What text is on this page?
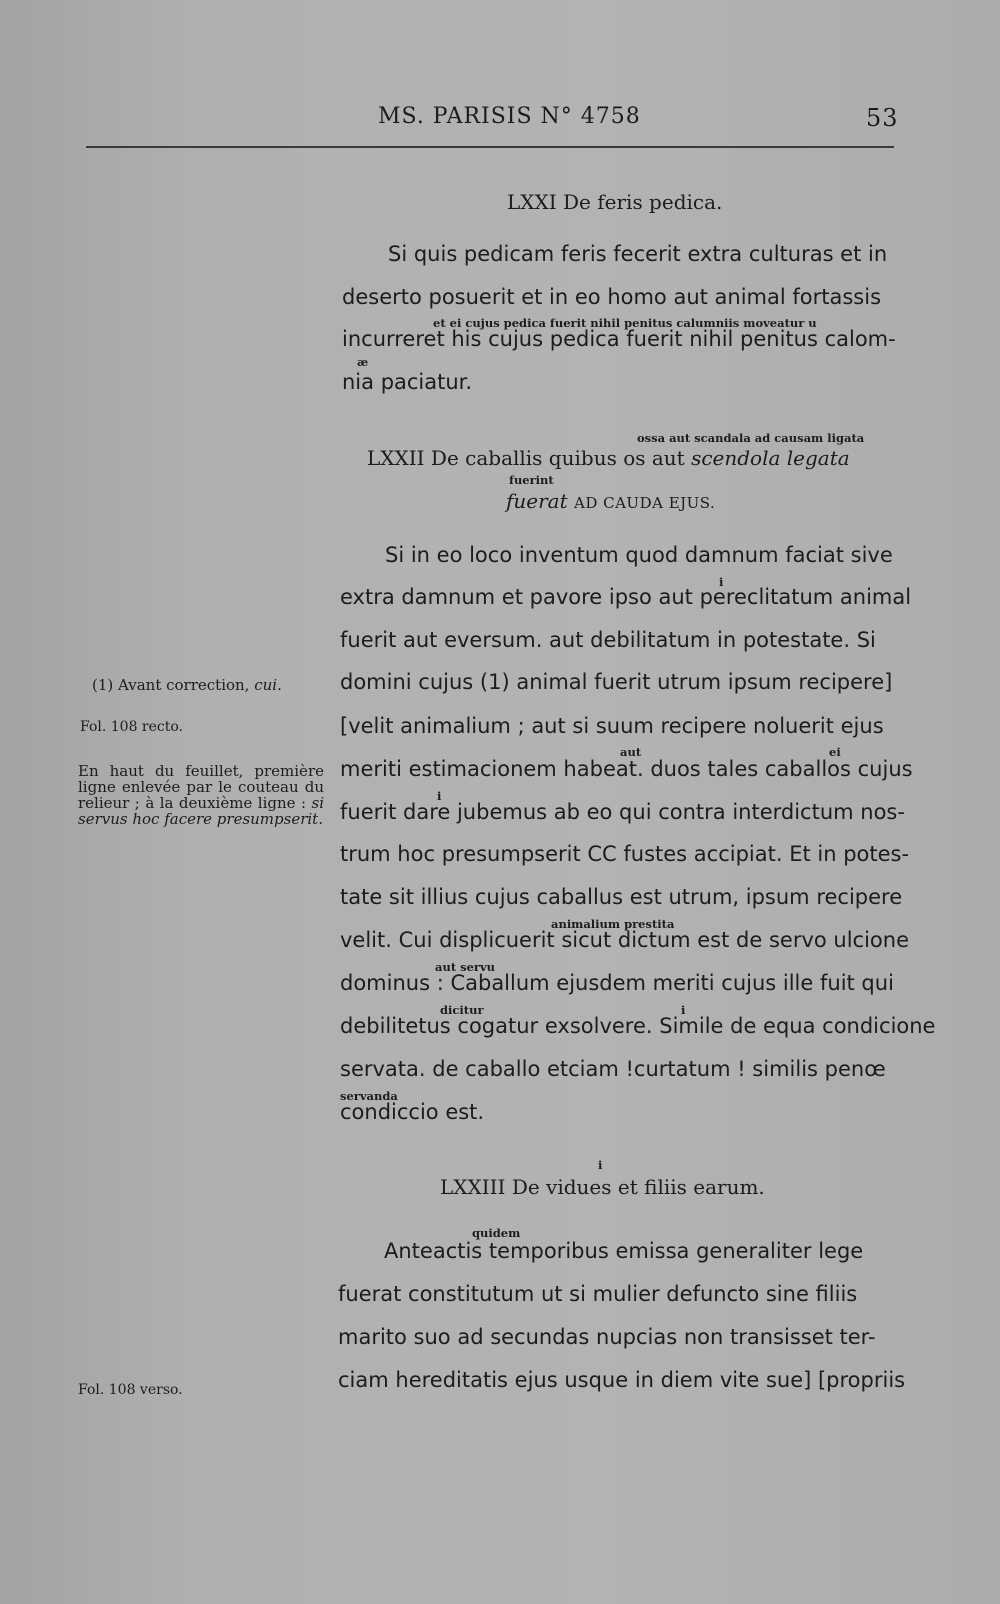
MS. PARISIS N° 4758	53
LXXI De feris pedica.
Si quis pedicam feris fecerit extra culturas et in
deserto posuerit et in eo homo aut animal fortassis
et ei cujus pedica fuerit nihil penitus calumniis moveatur u
incurreret his cujus pedica fuerit nihil penitus calom-
æ
nia paciatur.
ossa aut scandala ad causam ligata
LXXII De caballis quibus os aut scendola legata
fuerint
fuerat AD CAUDA EJUS.
Si in eo loco inventum quod damnum faciat sive
i
extra damnum et pavore ipso aut pereclitatum animal
fuerit aut eversum. aut debilitatum in potestate. Si
domini cujus (1) animal fuerit utrum ipsum recipere]
[velit animalium ; aut si suum recipere noluerit ejus
aut	ei
meriti estimacionem habeat. duos tales caballos cujus
i
fuerit dare jubemus ab eo qui contra interdictum nos-
trum hoc presumpserit CC fustes accipiat. Et in potes-
tate sit illius cujus caballus est utrum, ipsum recipere
animalium prestita
velit. Cui displicuerit sicut dictum est de servo ulcione
aut servu
dominus : Caballum ejusdem meriti cujus ille fuit qui
dicitur	i
debilitetus cogatur exsolvere. Simile de equa condicione
servata. de caballo etciam !curtatum ! similis penœ
servanda
condiccio est.
i
LXXIII De vidues et filiis earum.
quidem
Anteactis temporibus emissa generaliter lege
fuerat constitutum ut si mulier defuncto sine filiis
marito suo ad secundas nupcias non transisset ter-
ciam hereditatis ejus usque in diem vite sue] [propriis
(1) Avant correction, cui.
Fol. 108 recto.
En haut du feuillet, première ligne enlevée par le couteau du relieur ; à la deuxième ligne : si servus hoc facere presumpserit.
Fol. 108 verso.
